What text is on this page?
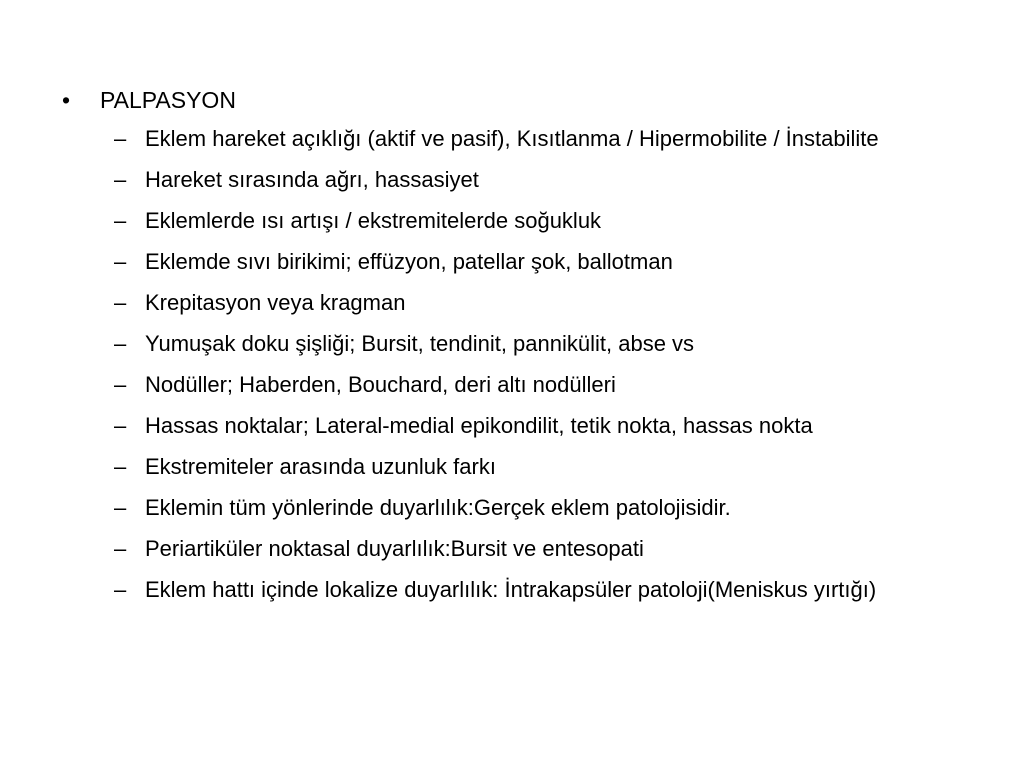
•	PALPASYON
– Eklem hareket açıklığı (aktif ve pasif), Kısıtlanma / Hipermobilite / İnstabilite
– Hareket sırasında ağrı, hassasiyet
– Eklemlerde ısı artışı / ekstremitelerde soğukluk
– Eklemde sıvı birikimi; effüzyon, patellar şok, ballotman
– Krepitasyon veya kragman
– Yumuşak doku şişliği; Bursit, tendinit, pannikülit, abse vs
– Nodüller; Haberden, Bouchard, deri altı nodülleri
– Hassas noktalar; Lateral-medial epikondilit, tetik nokta, hassas nokta
– Ekstremiteler arasında uzunluk farkı
– Eklemin tüm yönlerinde duyarlılık:Gerçek eklem patolojisidir.
– Periartiküler noktasal duyarlılık:Bursit ve entesopati
– Eklem hattı içinde lokalize duyarlılık: İntrakapsüler patoloji(Meniskus yırtığı)
